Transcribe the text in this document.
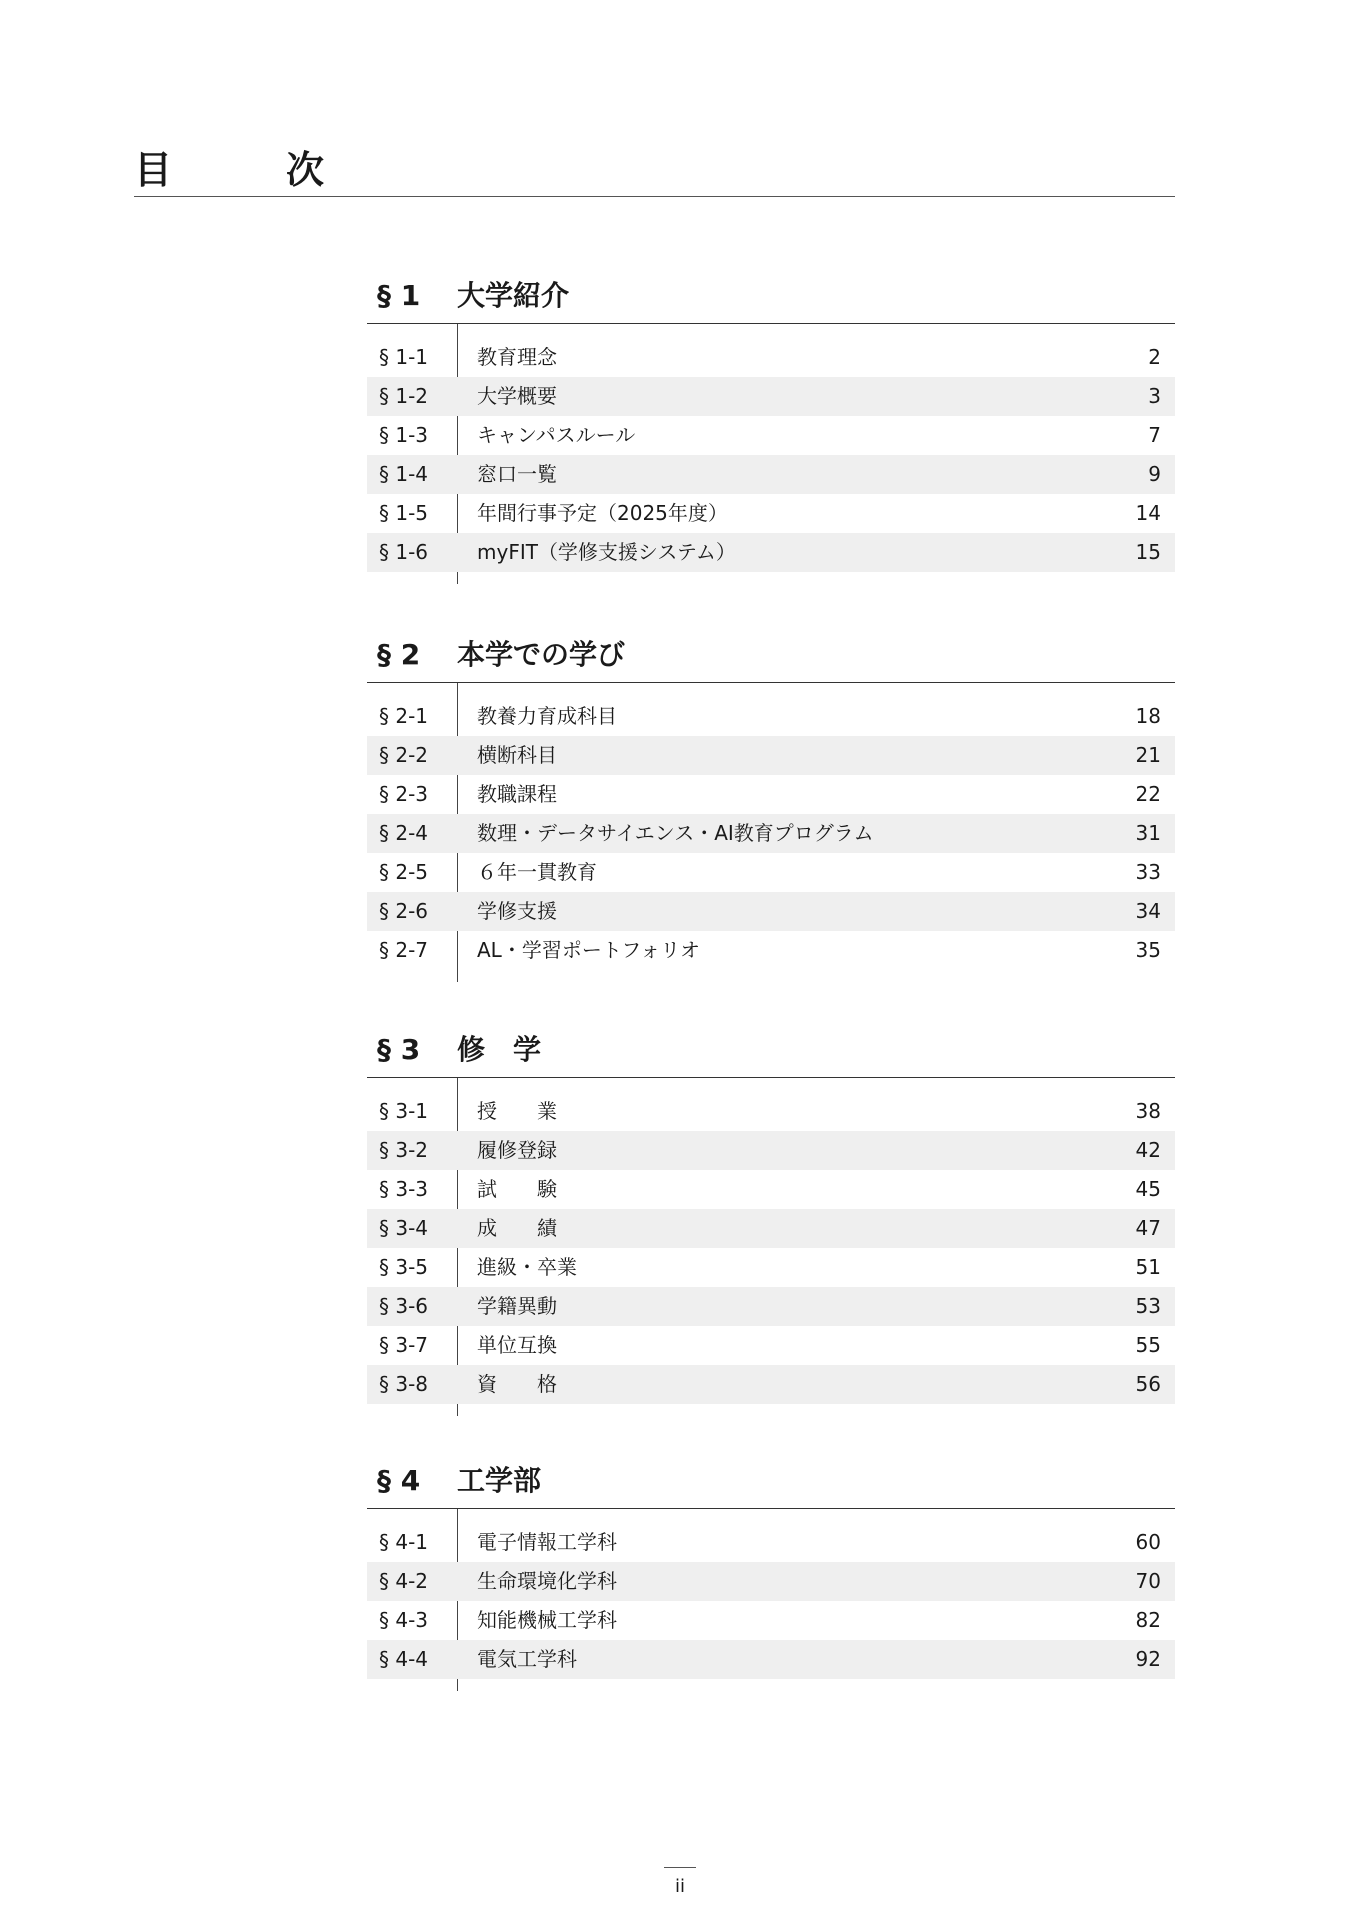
目　次
§ 1 大学紹介
§ 1-1 教育理念	2
§ 1-2 大学概要	3
§ 1-3 キャンパスルール	7
§ 1-4 窓口一覧	9
§ 1-5 年間行事予定（2025年度）	14
§ 1-6 myFIT（学修支援システム）	15
§ 2 本学での学び
§ 2-1 教養力育成科目	18
§ 2-2 横断科目	21
§ 2-3 教職課程	22
§ 2-4 数理・データサイエンス・AI教育プログラム	31
§ 2-5 ６年一貫教育	33
§ 2-6 学修支援	34
§ 2-7 AL・学習ポートフォリオ	35
§ 3 修　学
§ 3-1 授　　業	38
§ 3-2 履修登録	42
§ 3-3 試　　験	45
§ 3-4 成　　績	47
§ 3-5 進級・卒業	51
§ 3-6 学籍異動	53
§ 3-7 単位互換	55
§ 3-8 資　　格	56
§ 4 工学部
§ 4-1 電子情報工学科	60
§ 4-2 生命環境化学科	70
§ 4-3 知能機械工学科	82
§ 4-4 電気工学科	92
ii
